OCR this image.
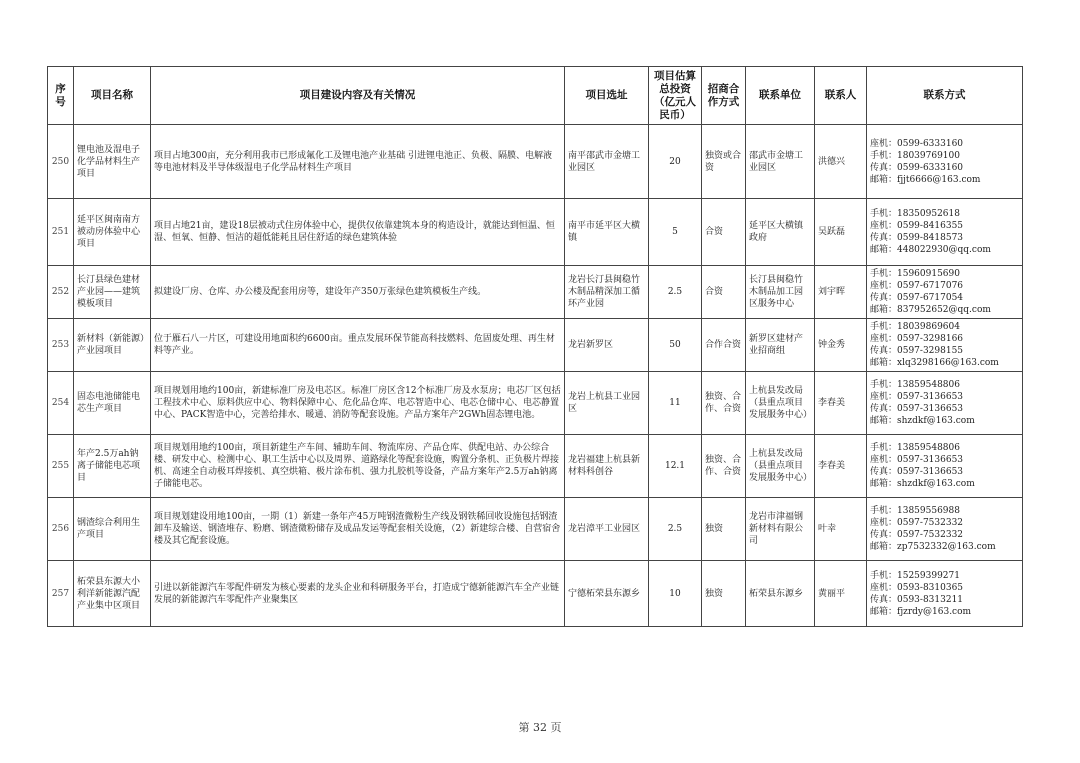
序号	项目名称	项目建设内容及有关情况	项目选址	项目估算总投资（亿元人民币）	招商合作方式	联系单位	联系人	联系方式
250	锂电池及湿电子化学品材料生产项目	项目占地300亩，充分利用我市已形成氟化工及锂电池产业基础 引进锂电池正、负极、隔膜、电解液等电池材料及半导体级湿电子化学品材料生产项目	南平邵武市金塘工业园区	20	独资或合资	邵武市金塘工业园区	洪德兴	座机：0599-6333160
手机：18039769100
传真：0599-6333160
邮箱：fjjt6666@163.com

251	延平区闽南南方被动房体验中心项目	项目占地21亩，建设18层被动式住房体验中心，提供仅依靠建筑本身的构造设计，就能达到恒温、恒湿、恒氧、恒静、恒洁的超低能耗且居住舒适的绿色建筑体验	南平市延平区大横镇	5	合资	延平区大横镇政府	吴跃磊	手机：18350952618
座机：0599-8416355
传真：0599-8418573
邮箱：448022930@qq.com

252	长汀县绿色建材产业园——建筑模板项目	拟建设厂房、仓库、办公楼及配套用房等，建设年产350万张绿色建筑模板生产线。	龙岩长汀县闽稳竹木制品精深加工循环产业园	2.5	合资	长汀县闽稳竹木制品加工园区服务中心	刘宇晖	手机：15960915690
座机：0597-6717076
传真：0597-6717054
邮箱：837952652@qq.com

253	新材料（新能源）产业园项目	位于雁石八一片区，可建设用地面积约6600亩。重点发展环保节能高科技燃料、危固废处理、再生材料等产业。	龙岩新罗区	50	合作合资	新罗区建材产业招商组	钟金秀	手机：18039869604
座机：0597-3298166
传真：0597-3298155
邮箱：xlq3298166@163.com

254	固态电池储能电芯生产项目	项目规划用地约100亩，新建标准厂房及电芯区。标准厂房区含12个标准厂房及水泵房；电芯厂区包括工程技术中心、原料供应中心、物料保障中心、危化品仓库、电芯智造中心、电芯仓储中心、电芯静置中心、PACK智造中心，完善给排水、暖通、消防等配套设施。产品方案年产2GWh固态锂电池。	龙岩上杭县工业园区	11	独资、合作、合资	上杭县发改局（县重点项目发展服务中心）	李春美	手机：13859548806
座机：0597-3136653
传真：0597-3136653
邮箱：shzdkf@163.com

255	年产2.5万ah钠离子储能电芯项目	项目规划用地约100亩，项目新建生产车间、辅助车间、物流库房、产品仓库、供配电站、办公综合楼、研发中心、检测中心、职工生活中心以及周界、道路绿化等配套设施，购置分条机、正负极片焊接机、高速全自动极耳焊接机、真空烘箱、极片涂布机、强力扎胶机等设备，产品方案年产2.5万ah钠离子储能电芯。	龙岩福建上杭县新材料科创谷	12.1	独资、合作、合资	上杭县发改局（县重点项目发展服务中心）	李春美	手机：13859548806
座机：0597-3136653
传真：0597-3136653
邮箱：shzdkf@163.com

256	钢渣综合利用生产项目	项目规划建设用地100亩，一期（1）新建一条年产45万吨钢渣微粉生产线及钢铁稀回收设施包括钢渣卸车及输送、钢渣堆存、粉磨、钢渣微粉储存及成品发运等配套相关设施，（2）新建综合楼、自营宿舍楼及其它配套设施。	龙岩漳平工业园区	2.5	独资	龙岩市津福钢新材料有限公司	叶幸	手机：13859556988
座机：0597-7532332
传真：0597-7532332
邮箱：zp7532332@163.com

257	柘荣县东源大小利洋新能源汽配产业集中区项目	引进以新能源汽车零配件研发为核心要素的龙头企业和科研服务平台，打造成宁德新能源汽车全产业链发展的新能源汽车零配件产业聚集区	宁德柘荣县东源乡	10	独资	柘荣县东源乡	黄丽平	手机：15259399271
座机：0593-8310365
传真：0593-8313211
邮箱：fjzrdy@163.com
第 32 页
